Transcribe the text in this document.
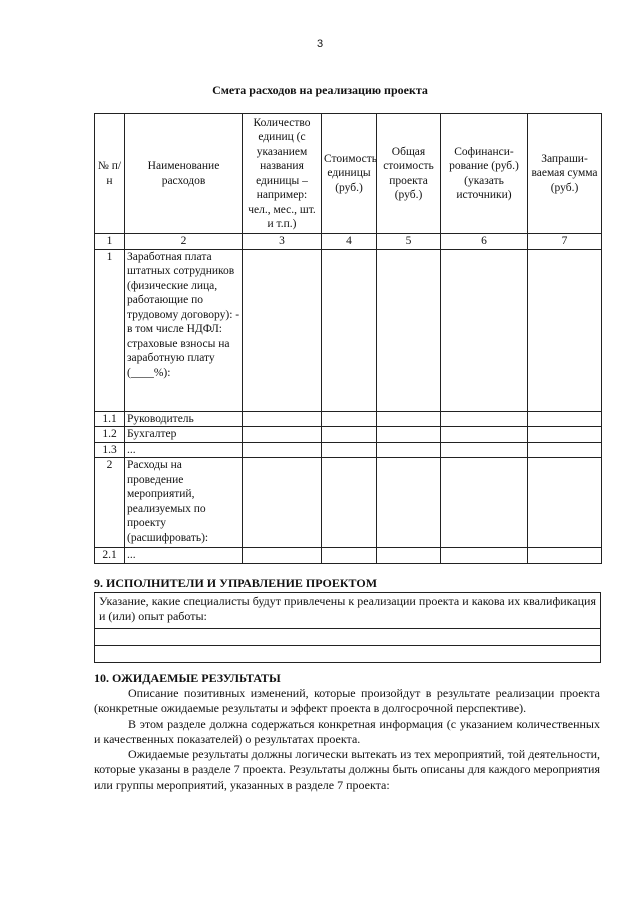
3
Смета расходов на реализацию проекта
№ п/н	Наименование расходов	Количество единиц (с указанием названия единицы – например: чел., мес., шт. и т.п.)	Стоимость единицы (руб.)	Общая стоимость проекта (руб.)	Софинанси-рование (руб.) (указать источники)	Запраши-ваемая сумма (руб.)
1	2	3	4	5	6	7
1	Заработная плата штатных сотрудников (физические лица, работающие по трудовому договору): - в том числе НДФЛ: страховые взносы на заработную плату (____%):					
1.1	Руководитель					
1.2	Бухгалтер					
1.3	...					
2	Расходы на проведение мероприятий, реализуемых по проекту (расшифровать):					
2.1	...					
9. ИСПОЛНИТЕЛИ И УПРАВЛЕНИЕ ПРОЕКТОМ
Указание, какие специалисты будут привлечены к реализации проекта и какова их квалификация и (или) опыт работы:
10. ОЖИДАЕМЫЕ РЕЗУЛЬТАТЫ

Описание позитивных изменений, которые произойдут в результате реализации проекта (конкретные ожидаемые результаты и эффект проекта в долгосрочной перспективе).

В этом разделе должна содержаться конкретная информация (с указанием количественных и качественных показателей) о результатах проекта.

Ожидаемые результаты должны логически вытекать из тех мероприятий, той деятельности, которые указаны в разделе 7 проекта. Результаты должны быть описаны для каждого мероприятия или группы мероприятий, указанных в разделе 7 проекта:
